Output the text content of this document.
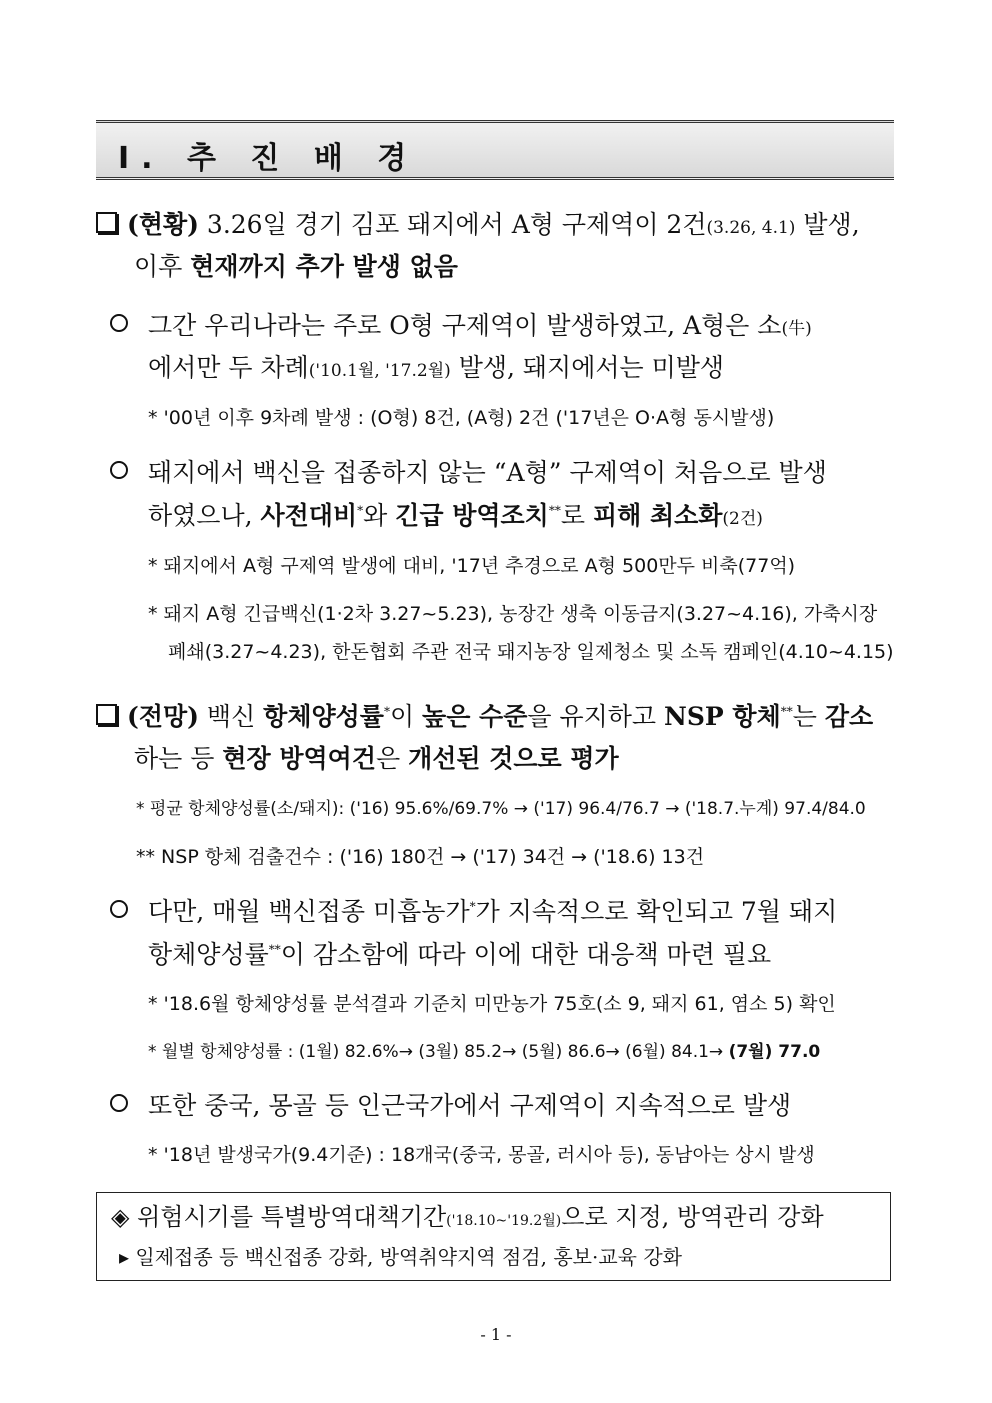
Ⅰ. 추 진 배 경
(현황) 3.26일 경기 김포 돼지에서 A형 구제역이 2건(3.26, 4.1) 발생,
이후 현재까지 추가 발생 없음
그간 우리나라는 주로 O형 구제역이 발생하였고, A형은 소(牛)
에서만 두 차례('10.1월, '17.2월) 발생, 돼지에서는 미발생
* '00년 이후 9차례 발생 : (O형) 8건, (A형) 2건 ('17년은 O·A형 동시발생)
돼지에서 백신을 접종하지 않는 “A형” 구제역이 처음으로 발생
하였으나, 사전대비*와 긴급 방역조치**로 피해 최소화(2건)
* 돼지에서 A형 구제역 발생에 대비, '17년 추경으로 A형 500만두 비축(77억)
* 돼지 A형 긴급백신(1·2차 3.27~5.23), 농장간 생축 이동금지(3.27~4.16), 가축시장
폐쇄(3.27~4.23), 한돈협회 주관 전국 돼지농장 일제청소 및 소독 캠페인(4.10~4.15)
(전망) 백신 항체양성률*이 높은 수준을 유지하고 NSP 항체**는 감소
하는 등 현장 방역여건은 개선된 것으로 평가
* 평균 항체양성률(소/돼지): ('16) 95.6%/69.7% → ('17) 96.4/76.7 → ('18.7.누계) 97.4/84.0
** NSP 항체 검출건수 : ('16) 180건 → ('17) 34건 → ('18.6) 13건
다만, 매월 백신접종 미흡농가*가 지속적으로 확인되고 7월 돼지
항체양성률**이 감소함에 따라 이에 대한 대응책 마련 필요
* '18.6월 항체양성률 분석결과 기준치 미만농가 75호(소 9, 돼지 61, 염소 5) 확인
* 월별 항체양성률 : (1월) 82.6%→ (3월) 85.2→ (5월) 86.6→ (6월) 84.1→ (7월) 77.0
또한 중국, 몽골 등 인근국가에서 구제역이 지속적으로 발생
* '18년 발생국가(9.4기준) : 18개국(중국, 몽골, 러시아 등), 동남아는 상시 발생
◈ 위험시기를 특별방역대책기간('18.10~'19.2월)으로 지정, 방역관리 강화
▸ 일제접종 등 백신접종 강화, 방역취약지역 점검, 홍보·교육 강화
- 1 -
